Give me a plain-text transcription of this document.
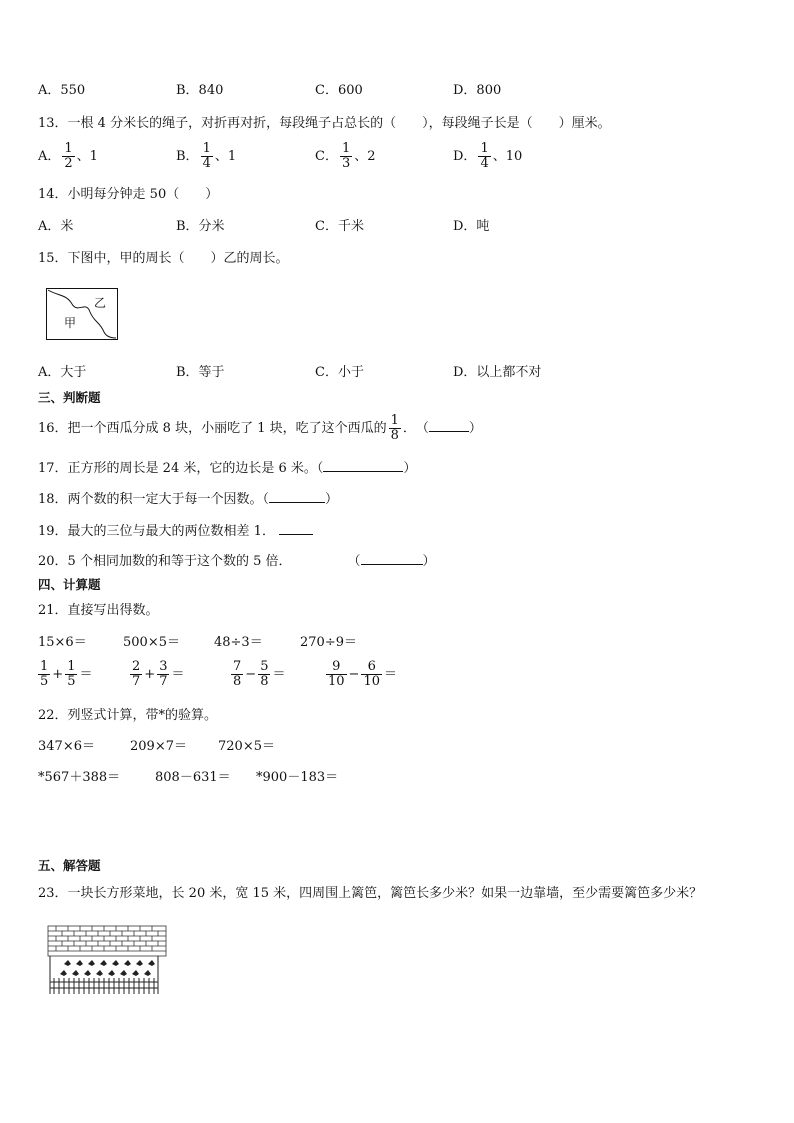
A．550	B．840	C．600	D．800
13．一根 4 分米长的绳子，对折再对折，每段绳子占总长的（　　），每段绳子长是（　　）厘米。
A． $\frac{1}{2}$ 、1	B． $\frac{1}{4}$ 、1	C． $\frac{1}{3}$ 、2	D． $\frac{1}{4}$ 、10
14．小明每分钟走 50（　　）
A．米	B．分米	C．千米	D．吨
15．下图中，甲的周长（　　）乙的周长。
甲
乙
A．大于	B．等于	C．小于	D．以上都不对
三、判断题
16．把一个西瓜分成 8 块，小丽吃了 1 块，吃了这个西瓜的 $\frac{1}{8}$ ．　（	）
17．正方形的周长是 24 米，它的边长是 6 米。（	）
18．两个数的积一定大于每一个因数。（	）
19．最大的三位与最大的两位数相差 1．
20．5 个相同加数的和等于这个数的 5 倍．	（	）
四、计算题
21．直接写出得数。
15×6＝	500×5＝	48÷3＝	270÷9＝
$\frac{1}{5} + \frac{1}{5}$ ＝	$\frac{2}{7} + \frac{3}{7}$ ＝	$\frac{7}{8} - \frac{5}{8}$ ＝	$\frac{9}{10} - \frac{6}{10}$ ＝
22．列竖式计算，带*的验算。
347×6＝	209×7＝ 720×5＝
*567＋388＝	808－631＝ *900－183＝
五、解答题
23．一块长方形菜地，长 20 米，宽 15 米，四周围上篱笆，篱笆长多少米？如果一边靠墙，至少需要篱笆多少米？
